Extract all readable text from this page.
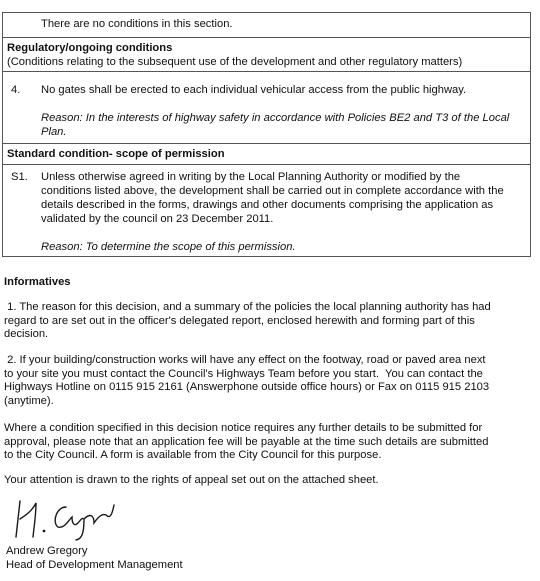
There are no conditions in this section.

Regulatory/ongoing conditions

(Conditions relating to the subsequent use of the development and other regulatory matters)

4. No gates shall be erected to each individual vehicular access from the public highway.

Reason: In the interests of highway safety in accordance with Policies BE2 and T3 of the Local

Plan.

Standard condition- scope of permission

S1. Unless otherwise agreed in writing by the Local Planning Authority or modified by the

conditions listed above, the development shall be carried out in complete accordance with the

details described in the forms, drawings and other documents comprising the application as

validated by the council on 23 December 2011.

Reason: To determine the scope of this permission.

Informatives

1. The reason for this decision, and a summary of the policies the local planning authority has had

regard to are set out in the officer's delegated report, enclosed herewith and forming part of this

decision.

2. If your building/construction works will have any effect on the footway, road or paved area next

to your site you must contact the Council's Highways Team before you start.  You can contact the

Highways Hotline on 0115 915 2161 (Answerphone outside office hours) or Fax on 0115 915 2103

(anytime).

Where a condition specified in this decision notice requires any further details to be submitted for

approval, please note that an application fee will be payable at the time such details are submitted

to the City Council. A form is available from the City Council for this purpose.

Your attention is drawn to the rights of appeal set out on the attached sheet.

Andrew Gregory

Head of Development Management
